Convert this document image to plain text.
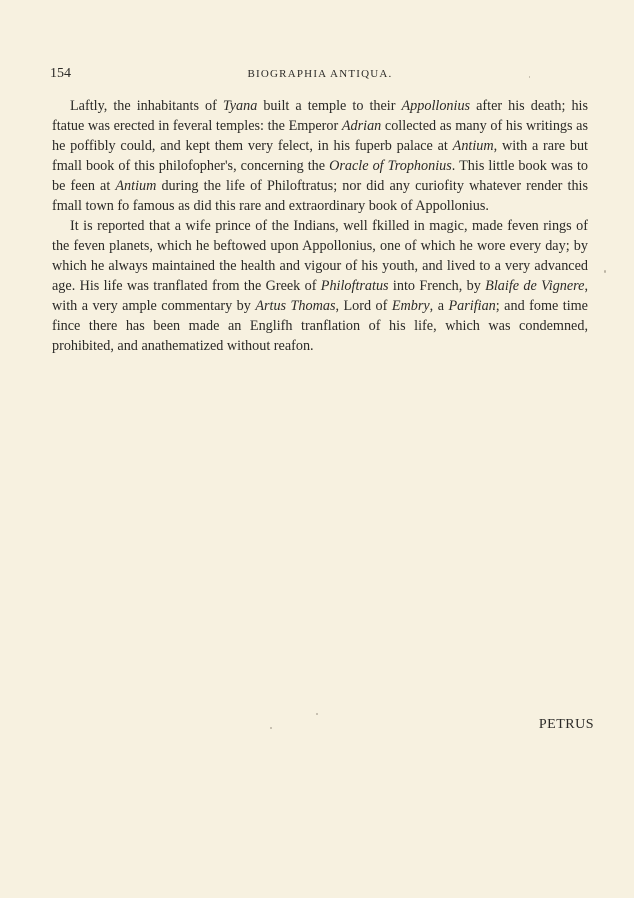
154	BIOGRAPHIA ANTIQUA.

Laftly, the inhabitants of Tyana built a temple to their Appollonius after his death; his ftatue was erected in feveral temples: the Emperor Adrian collected as many of his writings as he poffibly could, and kept them very felect, in his fuperb palace at Antium, with a rare but fmall book of this philofopher's, concerning the Oracle of Trophonius. This little book was to be feen at Antium during the life of Philoftratus; nor did any curiofity whatever render this fmall town fo famous as did this rare and extraordinary book of Appollonius.

It is reported that a wife prince of the Indians, well fkilled in magic, made feven rings of the feven planets, which he beftowed upon Appollonius, one of which he wore every day; by which he always maintained the health and vigour of his youth, and lived to a very advanced age. His life was tranflated from the Greek of Philoftratus into French, by Blaife de Vignere, with a very ample commentary by Artus Thomas, Lord of Embry, a Parifian; and fome time fince there has been made an Englifh tranflation of his life, which was condemned, prohibited, and anathematized without reafon.

PETRUS
